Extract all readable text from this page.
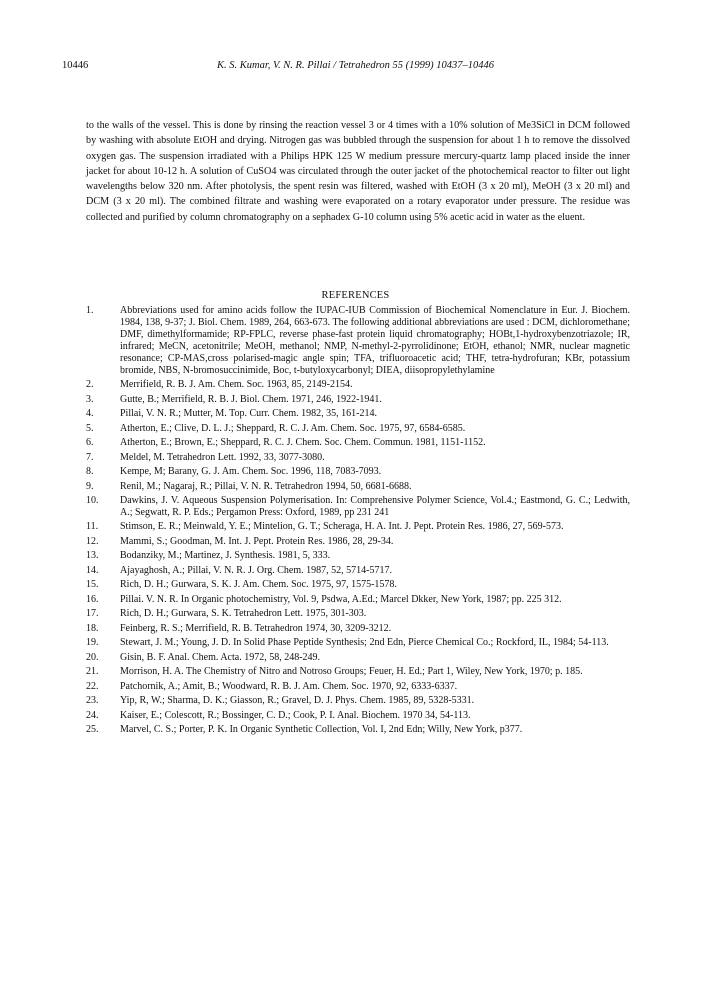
10446	K. S. Kumar, V. N. R. Pillai / Tetrahedron 55 (1999) 10437–10446

to the walls of the vessel. This is done by rinsing the reaction vessel 3 or 4 times with a 10% solution of Me3SiCl in DCM followed by washing with absolute EtOH and drying. Nitrogen gas was bubbled through the suspension for about 1 h to remove the dissolved oxygen gas. The suspension irradiated with a Philips HPK 125 W medium pressure mercury-quartz lamp placed inside the inner jacket for about 10-12 h. A solution of CuSO4 was circulated through the outer jacket of the photochemical reactor to filter out light wavelengths below 320 nm. After photolysis, the spent resin was filtered, washed with EtOH (3 x 20 ml), MeOH (3 x 20 ml) and DCM (3 x 20 ml). The combined filtrate and washing were evaporated on a rotary evaporator under pressure. The residue was collected and purified by column chromatography on a sephadex G-10 column using 5% acetic acid in water as the eluent.

REFERENCES
1.	Abbreviations used for amino acids follow the IUPAC-IUB Commission of Biochemical Nomenclature in Eur. J. Biochem. 1984, 138, 9-37; J. Biol. Chem. 1989, 264, 663-673. The following additional abbreviations are used : DCM, dichloromethane; DMF, dimethylformamide; RP-FPLC, reverse phase-fast protein liquid chromatography; HOBt,1-hydroxybenzotriazole; IR, infrared; MeCN, acetonitrile; MeOH, methanol; NMP, N-methyl-2-pyrrolidinone; EtOH, ethanol; NMR, nuclear magnetic resonance; CP-MAS,cross polarised-magic angle spin; TFA, trifluoroacetic acid; THF, tetra-hydrofuran; KBr, potassium bromide, NBS, N-bromosuccinimide, Boc, t-butyloxycarbonyl; DIEA, diisopropylethylamine
2.	Merrifield, R. B. J. Am. Chem. Soc. 1963, 85, 2149-2154.
3.	Gutte, B.; Merrifield, R. B. J. Biol. Chem. 1971, 246, 1922-1941.
4.	Pillai, V. N. R.; Mutter, M. Top. Curr. Chem. 1982, 35, 161-214.
5.	Atherton, E.; Clive, D. L. J.; Sheppard, R. C. J. Am. Chem. Soc. 1975, 97, 6584-6585.
6.	Atherton, E.; Brown, E.; Sheppard, R. C. J. Chem. Soc. Chem. Commun. 1981, 1151-1152.
7.	Meldel, M. Tetrahedron Lett. 1992, 33, 3077-3080.
8.	Kempe, M; Barany, G. J. Am. Chem. Soc. 1996, 118, 7083-7093.
9.	Renil, M.; Nagaraj, R.; Pillai, V. N. R. Tetrahedron 1994, 50, 6681-6688.
10.	Dawkins, J. V. Aqueous Suspension Polymerisation. In: Comprehensive Polymer Science, Vol.4.; Eastmond, G. C.; Ledwith, A.; Segwatt, R. P. Eds.; Pergamon Press: Oxford, 1989, pp 231 241
11.	Stimson, E. R.; Meinwald, Y. E.; Mintelion, G. T.; Scheraga, H. A. Int. J. Pept. Protein Res. 1986, 27, 569-573.
12.	Mammi, S.; Goodman, M. Int. J. Pept. Protein Res. 1986, 28, 29-34.
13.	Bodanziky, M.; Martinez, J. Synthesis. 1981, 5, 333.
14.	Ajayaghosh, A.; Pillai, V. N. R. J. Org. Chem. 1987, 52, 5714-5717.
15.	Rich, D. H.; Gurwara, S. K. J. Am. Chem. Soc. 1975, 97, 1575-1578.
16.	Pillai. V. N. R. In Organic photochemistry, Vol. 9, Psdwa, A.Ed.; Marcel Dkker, New York, 1987; pp. 225 312.
17.	Rich, D. H.; Gurwara, S. K. Tetrahedron Lett. 1975, 301-303.
18.	Feinberg, R. S.; Merrifield, R. B. Tetrahedron 1974, 30, 3209-3212.
19.	Stewart, J. M.; Young, J. D. In Solid Phase Peptide Synthesis; 2nd Edn, Pierce Chemical Co.; Rockford, IL, 1984; 54-113.
20.	Gisin, B. F. Anal. Chem. Acta. 1972, 58, 248-249.
21.	Morrison, H. A. The Chemistry of Nitro and Notroso Groups; Feuer, H. Ed.; Part 1, Wiley, New York, 1970; p. 185.
22.	Patchornik, A.; Amit, B.; Woodward, R. B. J. Am. Chem. Soc. 1970, 92, 6333-6337.
23.	Yip, R, W.; Sharma, D. K.; Giasson, R.; Gravel, D. J. Phys. Chem. 1985, 89, 5328-5331.
24.	Kaiser, E.; Colescott, R.; Bossinger, C. D.; Cook, P. I. Anal. Biochem. 1970 34, 54-113.
25.	Marvel, C. S.; Porter, P. K. In Organic Synthetic Collection, Vol. I, 2nd Edn; Willy, New York, p377.
